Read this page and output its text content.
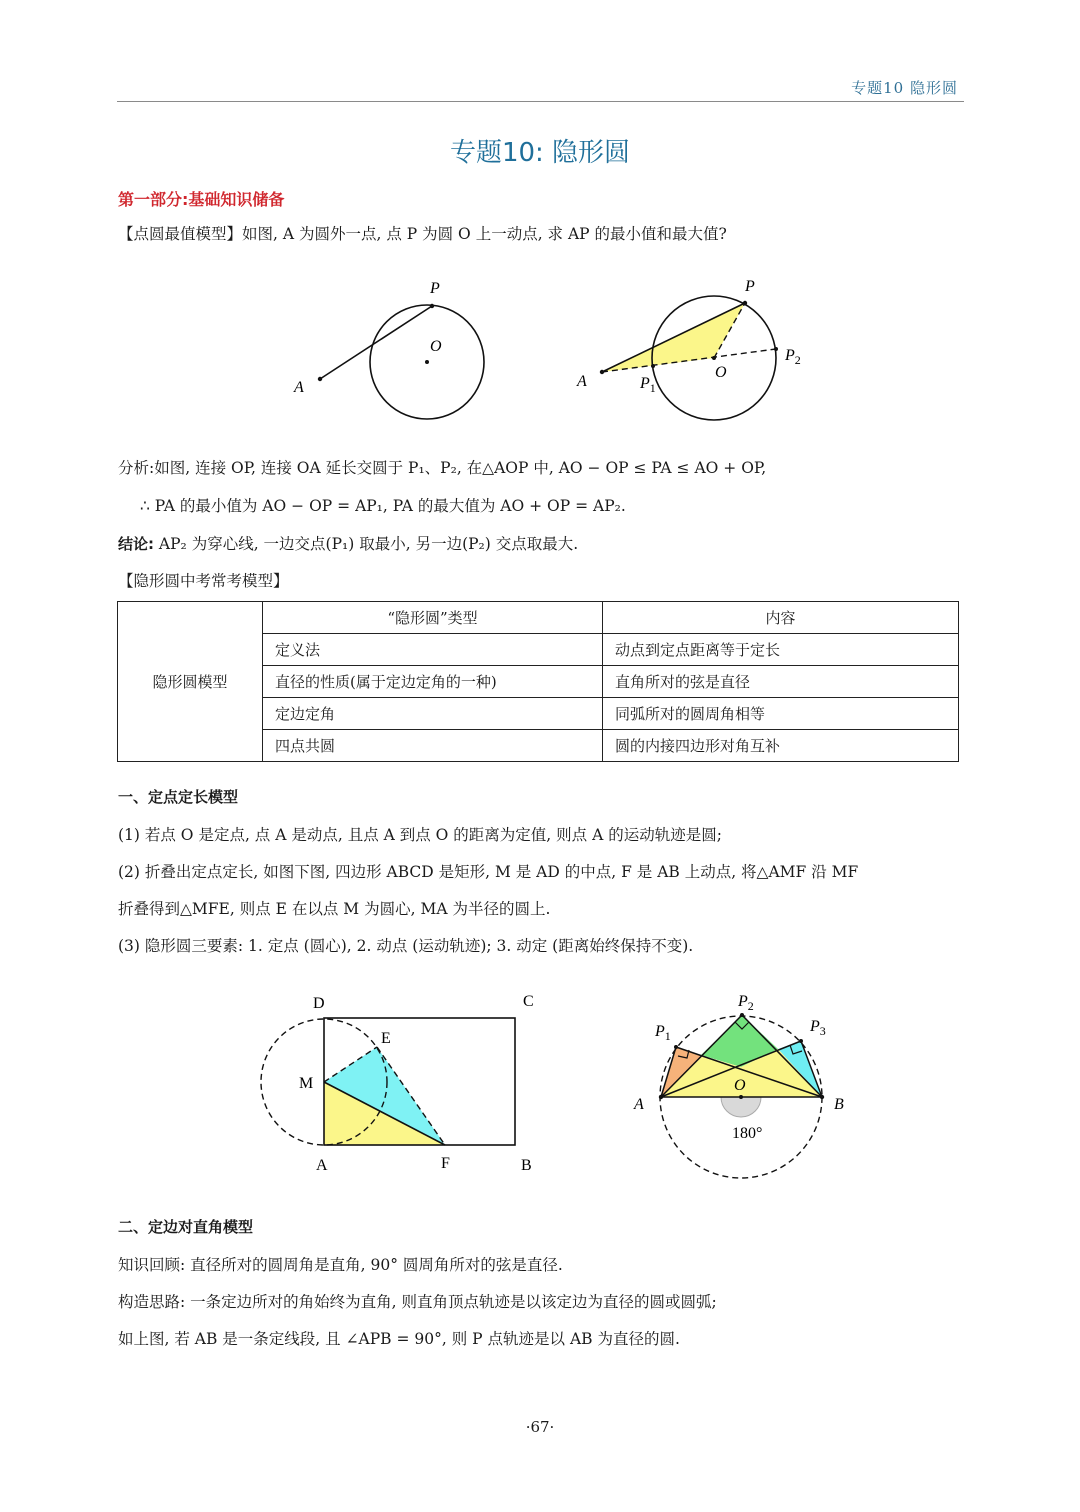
专题10 隐形圆
专题10: 隐形圆
第一部分:基础知识储备
【点圆最值模型】如图, A 为圆外一点, 点 P 为圆 O 上一动点, 求 AP 的最小值和最大值?
A
P
O
A
P
O
$P_1$
$P_2$
D	C
E
M
A	F	B
A	B
O
180°
$P_1$
$P_2$
$P_3$
分析:如图, 连接 OP, 连接 OA 延长交圆于 P₁、P₂, 在△AOP 中, AO − OP ≤ PA ≤ AO + OP,
∴ PA 的最小值为 AO − OP = AP₁, PA 的最大值为 AO + OP = AP₂.
结论: AP₂ 为穿心线, 一边交点(P₁) 取最小, 另一边(P₂) 交点取最大.
【隐形圆中考常考模型】
隐形圆模型	“隐形圆”类型	内容
	定义法	动点到定点距离等于定长
	直径的性质(属于定边定角的一种)	直角所对的弦是直径
	定边定角	同弧所对的圆周角相等
	四点共圆	圆的内接四边形对角互补
一、定点定长模型
(1) 若点 O 是定点, 点 A 是动点, 且点 A 到点 O 的距离为定值, 则点 A 的运动轨迹是圆;
(2) 折叠出定点定长, 如图下图, 四边形 ABCD 是矩形, M 是 AD 的中点, F 是 AB 上动点, 将△AMF 沿 MF
折叠得到△MFE, 则点 E 在以点 M 为圆心, MA 为半径的圆上.
(3) 隐形圆三要素: 1. 定点 (圆心), 2. 动点 (运动轨迹); 3. 动定 (距离始终保持不变).
二、定边对直角模型
知识回顾: 直径所对的圆周角是直角, 90° 圆周角所对的弦是直径.
构造思路: 一条定边所对的角始终为直角, 则直角顶点轨迹是以该定边为直径的圆或圆弧;
如上图, 若 AB 是一条定线段, 且 ∠APB = 90°, 则 P 点轨迹是以 AB 为直径的圆.
·67·
